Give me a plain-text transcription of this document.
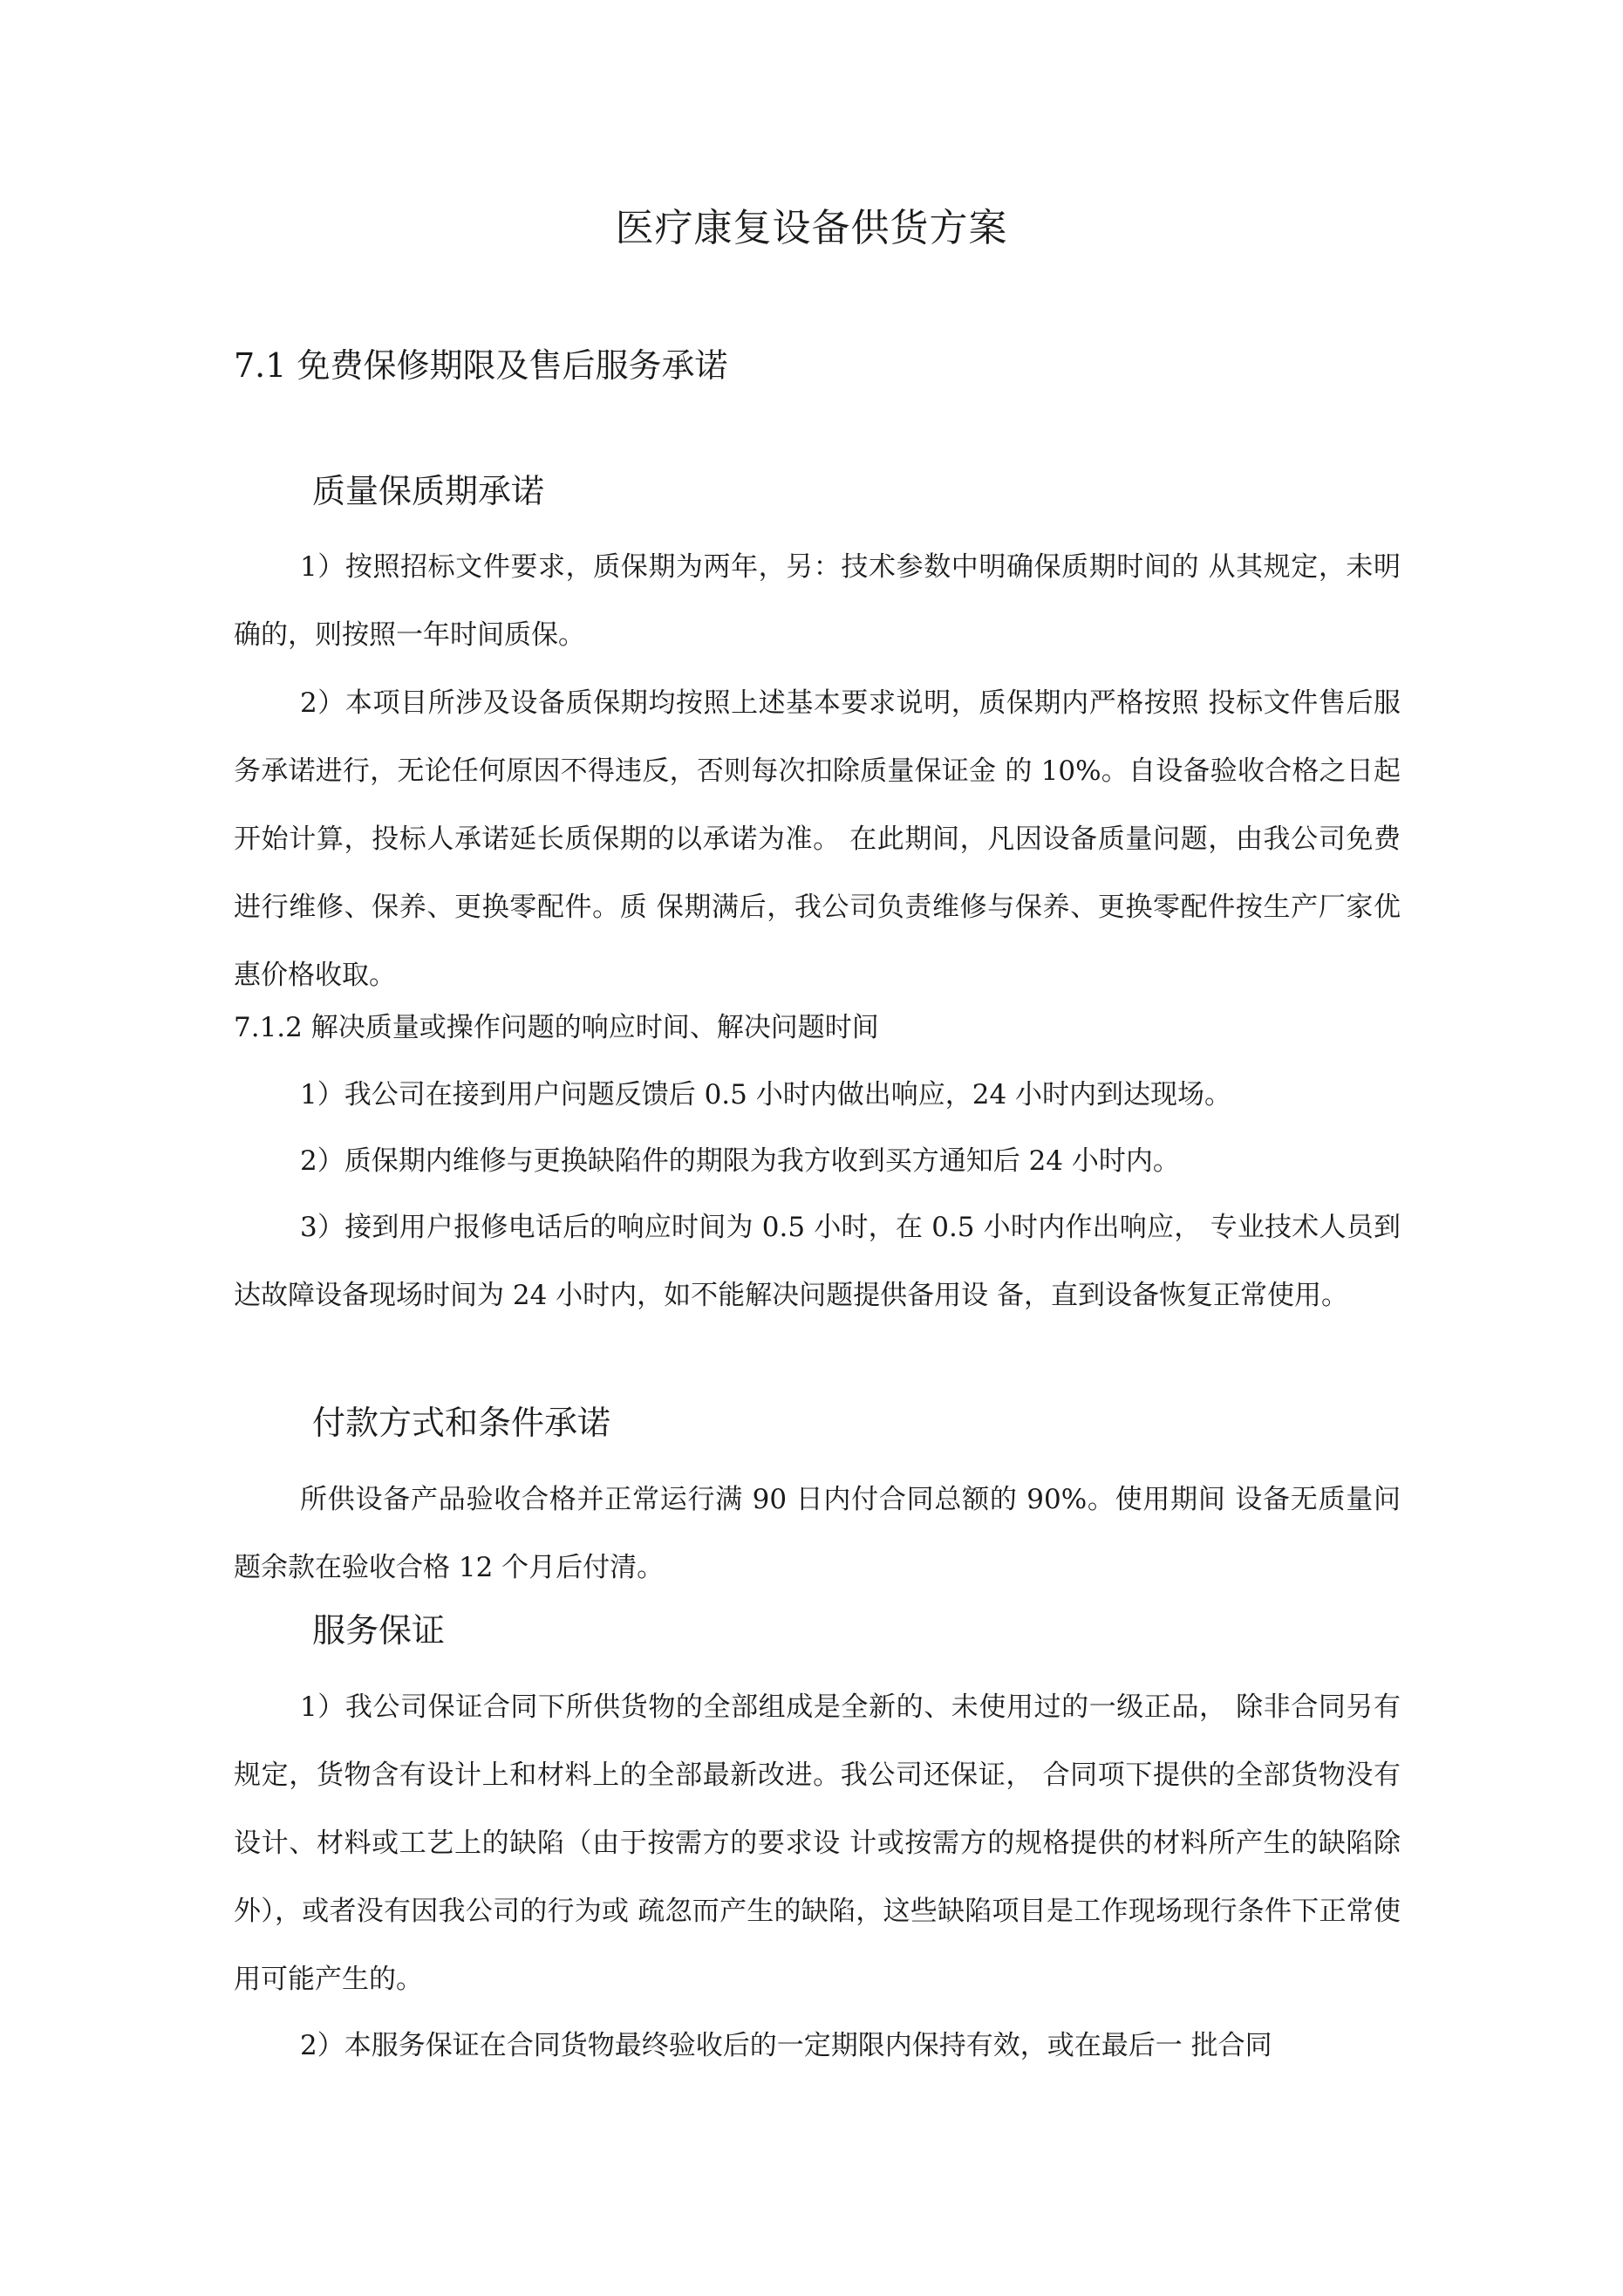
医疗康复设备供货方案
7.1 免费保修期限及售后服务承诺
质量保质期承诺

1）按照招标文件要求，质保期为两年，另：技术参数中明确保质期时间的 从其规定，未明确的，则按照一年时间质保。

2）本项目所涉及设备质保期均按照上述基本要求说明，质保期内严格按照 投标文件售后服务承诺进行，无论任何原因不得违反，否则每次扣除质量保证金 的 10%。自设备验收合格之日起开始计算，投标人承诺延长质保期的以承诺为准。 在此期间，凡因设备质量问题，由我公司免费进行维修、保养、更换零配件。质 保期满后，我公司负责维修与保养、更换零配件按生产厂家优惠价格收取。

7.1.2 解决质量或操作问题的响应时间、解决问题时间

1）我公司在接到用户问题反馈后 0.5 小时内做出响应，24 小时内到达现场。

2）质保期内维修与更换缺陷件的期限为我方收到买方通知后 24 小时内。

3）接到用户报修电话后的响应时间为 0.5 小时，在 0.5 小时内作出响应， 专业技术人员到达故障设备现场时间为 24 小时内，如不能解决问题提供备用设 备，直到设备恢复正常使用。

付款方式和条件承诺

所供设备产品验收合格并正常运行满 90 日内付合同总额的 90%。使用期间 设备无质量问题余款在验收合格 12 个月后付清。

服务保证

1）我公司保证合同下所供货物的全部组成是全新的、未使用过的一级正品， 除非合同另有规定，货物含有设计上和材料上的全部最新改进。我公司还保证， 合同项下提供的全部货物没有设计、材料或工艺上的缺陷（由于按需方的要求设 计或按需方的规格提供的材料所产生的缺陷除外），或者没有因我公司的行为或 疏忽而产生的缺陷，这些缺陷项目是工作现场现行条件下正常使用可能产生的。

2）本服务保证在合同货物最终验收后的一定期限内保持有效，或在最后一 批合同
